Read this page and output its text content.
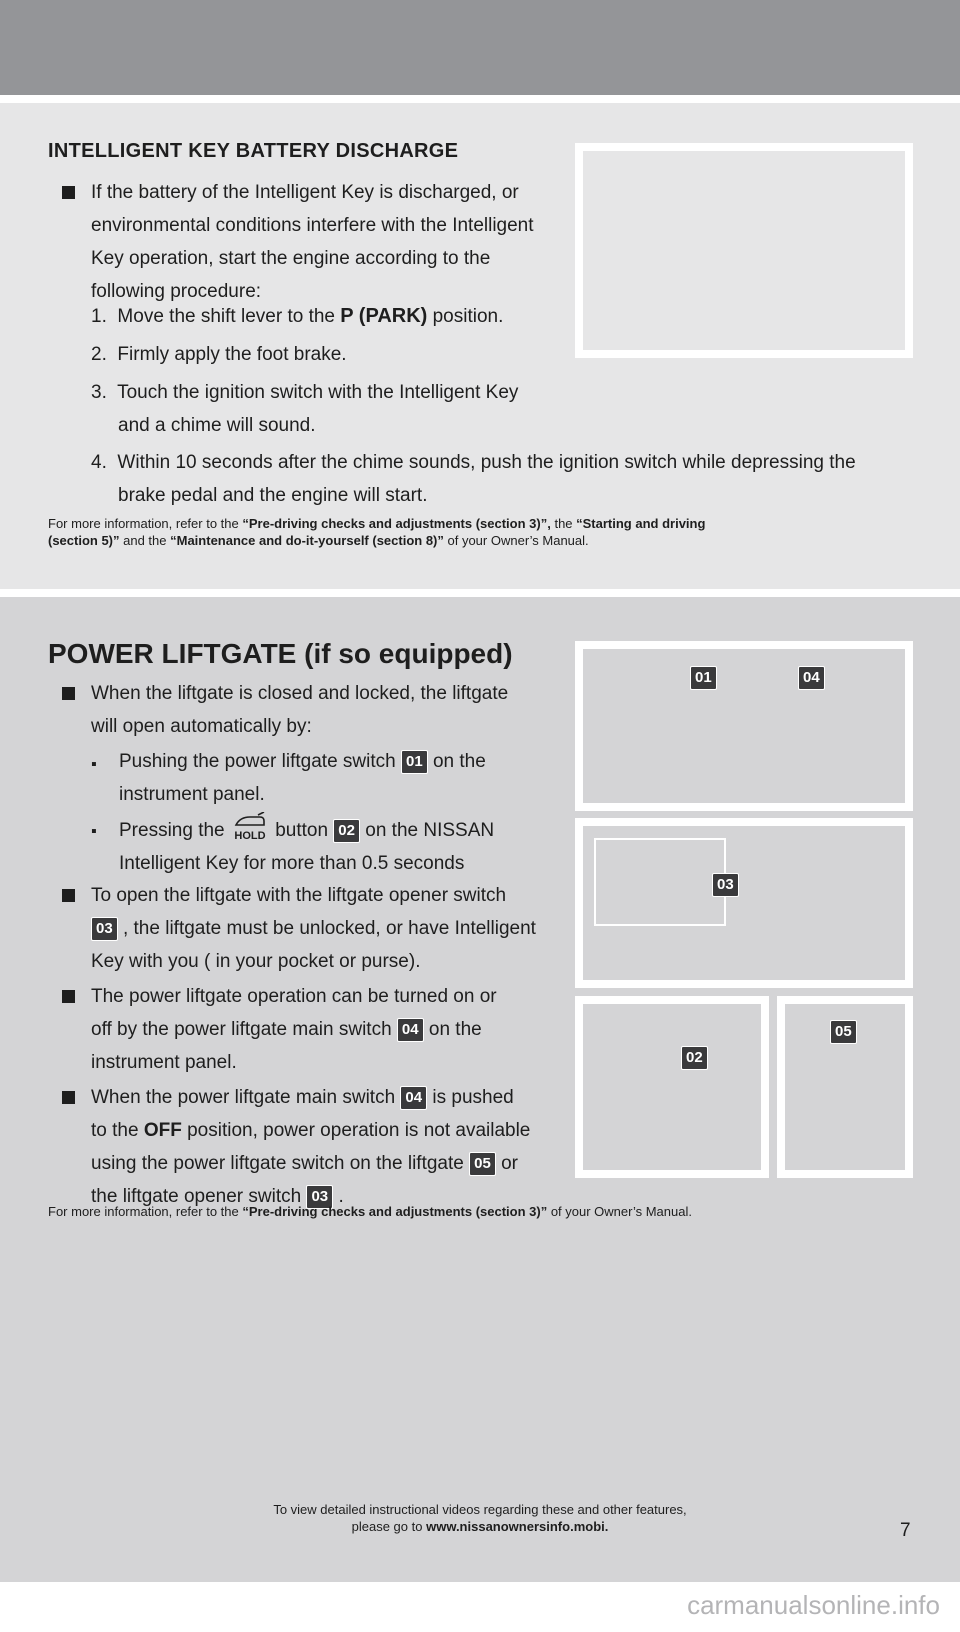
INTELLIGENT KEY BATTERY DISCHARGE
If the battery of the Intelligent Key is discharged, or
environmental conditions interfere with the Intelligent
Key operation, start the engine according to the
following procedure:
1. Move the shift lever to the P (PARK) position.
2. Firmly apply the foot brake.
3. Touch the ignition switch with the Intelligent Key
and a chime will sound.
4. Within 10 seconds after the chime sounds, push the ignition switch while depressing the
brake pedal and the engine will start.
For more information, refer to the “Pre-driving checks and adjustments (section 3)”, the “Starting and driving
(section 5)” and the “Maintenance and do-it-yourself (section 8)” of your Owner’s Manual.
POWER LIFTGATE (if so equipped)
01	04
03
02
05
When the liftgate is closed and locked, the liftgate
will open automatically by:
▪ Pushing the power liftgate switch 01 on the
instrument panel.
▪ Pressing the HOLD button 02 on the NISSAN
Intelligent Key for more than 0.5 seconds
To open the liftgate with the liftgate opener switch
03 , the liftgate must be unlocked, or have Intelligent
Key with you ( in your pocket or purse).
The power liftgate operation can be turned on or
off by the power liftgate main switch 04 on the
instrument panel.
When the power liftgate main switch 04 is pushed
to the OFF position, power operation is not available
using the power liftgate switch on the liftgate 05 or
the liftgate opener switch 03 .
For more information, refer to the “Pre-driving checks and adjustments (section 3)” of your Owner’s Manual.
To view detailed instructional videos regarding these and other features,
please go to www.nissanownersinfo.mobi.	7
carmanualsonline.info
